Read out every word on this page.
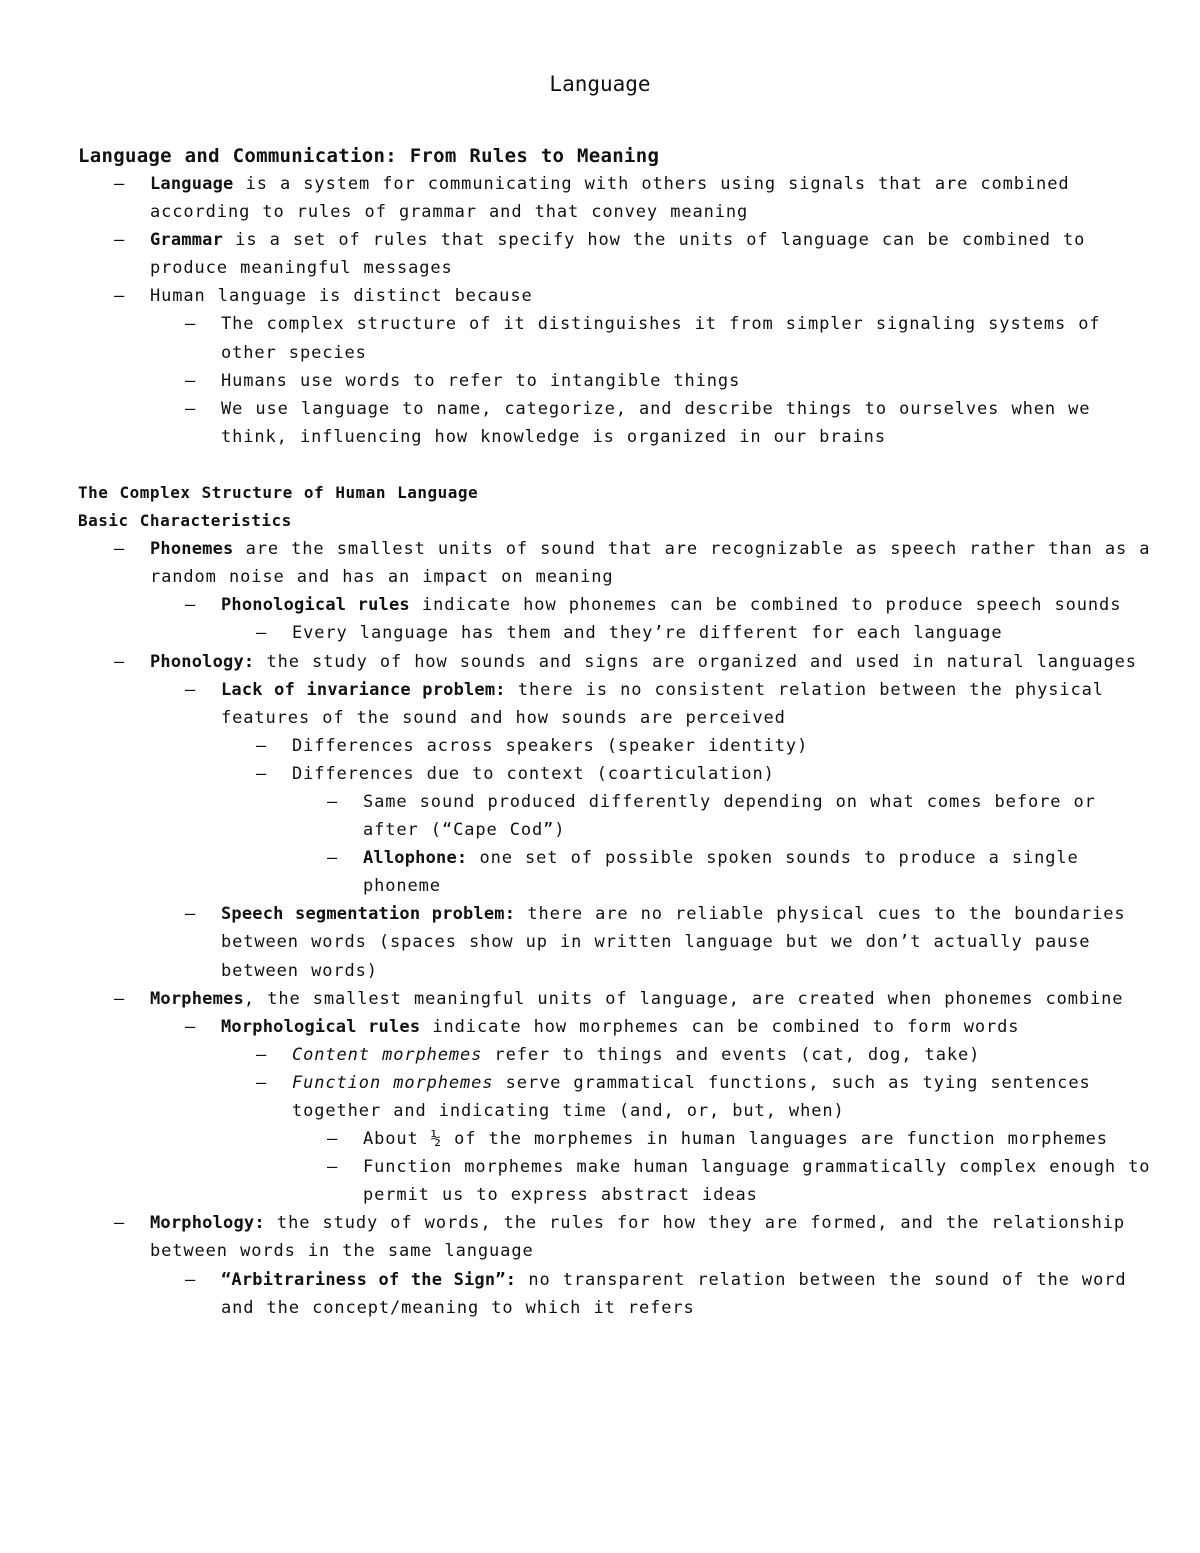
Language
Language and Communication: From Rules to Meaning
– Language is a system for communicating with others using signals that are combined according to rules of grammar and that convey meaning
– Grammar is a set of rules that specify how the units of language can be combined to produce meaningful messages
– Human language is distinct because
– The complex structure of it distinguishes it from simpler signaling systems of other species
– Humans use words to refer to intangible things
– We use language to name, categorize, and describe things to ourselves when we think, influencing how knowledge is organized in our brains
The Complex Structure of Human Language
Basic Characteristics
– Phonemes are the smallest units of sound that are recognizable as speech rather than as a random noise and has an impact on meaning
– Phonological rules indicate how phonemes can be combined to produce speech sounds
– Every language has them and they’re different for each language
– Phonology: the study of how sounds and signs are organized and used in natural languages
– Lack of invariance problem: there is no consistent relation between the physical features of the sound and how sounds are perceived
– Differences across speakers (speaker identity)
– Differences due to context (coarticulation)
– Same sound produced differently depending on what comes before or after (“Cape Cod”)
– Allophone: one set of possible spoken sounds to produce a single phoneme
– Speech segmentation problem: there are no reliable physical cues to the boundaries between words (spaces show up in written language but we don’t actually pause between words)
– Morphemes, the smallest meaningful units of language, are created when phonemes combine
– Morphological rules indicate how morphemes can be combined to form words
– Content morphemes refer to things and events (cat, dog, take)
– Function morphemes serve grammatical functions, such as tying sentences together and indicating time (and, or, but, when)
– About ½ of the morphemes in human languages are function morphemes
– Function morphemes make human language grammatically complex enough to permit us to express abstract ideas
– Morphology: the study of words, the rules for how they are formed, and the relationship between words in the same language
– “Arbitrariness of the Sign”: no transparent relation between the sound of the word and the concept/meaning to which it refers
